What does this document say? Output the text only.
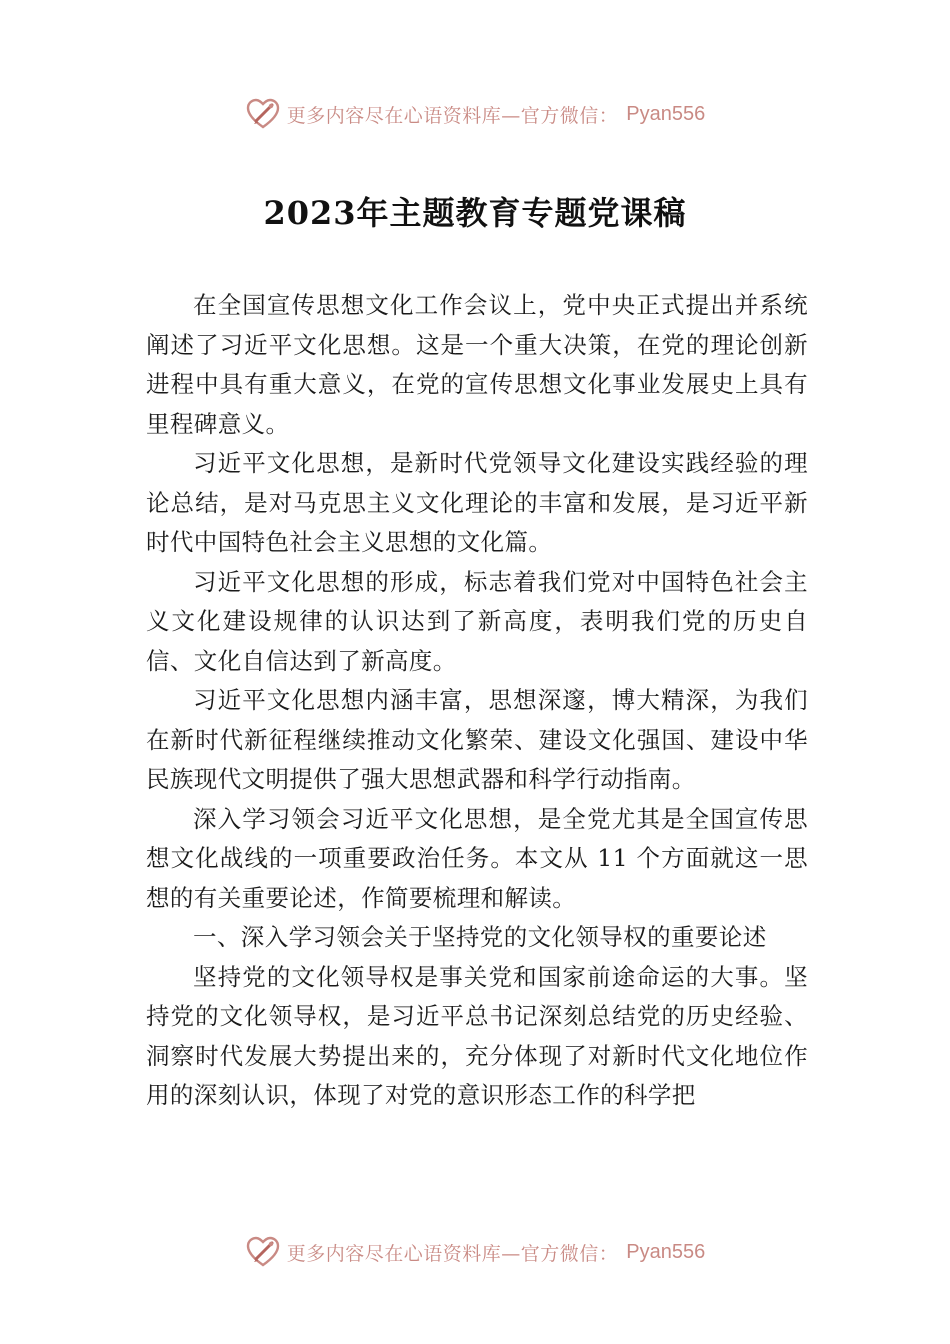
更多内容尽在心语资料库—官方微信： Pyan556
2023年主题教育专题党课稿

在全国宣传思想文化工作会议上，党中央正式提出并系统阐述了习近平文化思想。这是一个重大决策，在党的理论创新进程中具有重大意义，在党的宣传思想文化事业发展史上具有里程碑意义。

习近平文化思想，是新时代党领导文化建设实践经验的理论总结，是对马克思主义文化理论的丰富和发展，是习近平新时代中国特色社会主义思想的文化篇。

习近平文化思想的形成，标志着我们党对中国特色社会主义文化建设规律的认识达到了新高度，表明我们党的历史自信、文化自信达到了新高度。

习近平文化思想内涵丰富，思想深邃，博大精深，为我们在新时代新征程继续推动文化繁荣、建设文化强国、建设中华民族现代文明提供了强大思想武器和科学行动指南。

深入学习领会习近平文化思想，是全党尤其是全国宣传思想文化战线的一项重要政治任务。本文从 11 个方面就这一思想的有关重要论述，作简要梳理和解读。

一、深入学习领会关于坚持党的文化领导权的重要论述

坚持党的文化领导权是事关党和国家前途命运的大事。坚持党的文化领导权，是习近平总书记深刻总结党的历史经验、洞察时代发展大势提出来的，充分体现了对新时代文化地位作用的深刻认识，体现了对党的意识形态工作的科学把

更多内容尽在心语资料库—官方微信： Pyan556
